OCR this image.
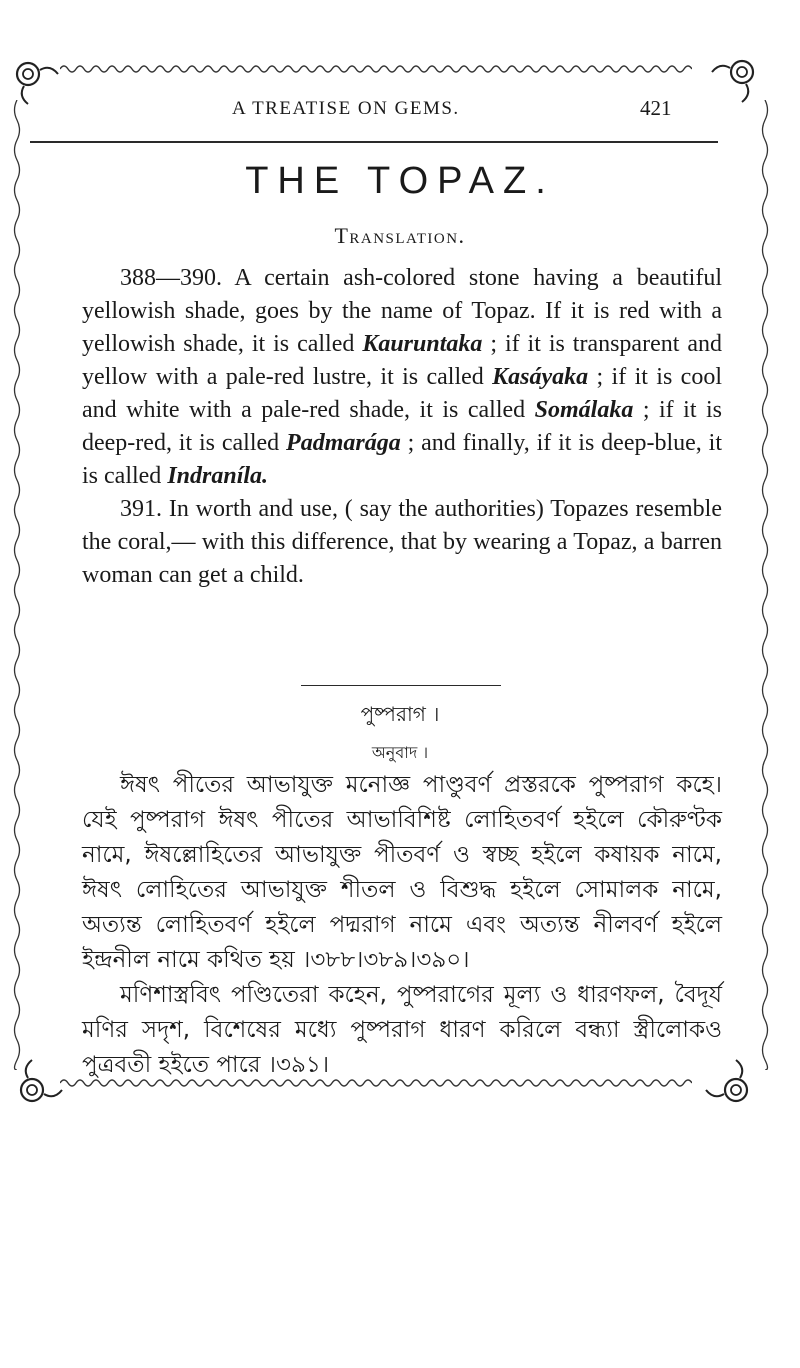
A TREATISE ON GEMS.	421
THE TOPAZ.
Translation.

388—390. A certain ash-colored stone having a beautiful yellowish shade, goes by the name of Topaz. If it is red with a yellowish shade, it is called Kauruntaka ; if it is transparent and yellow with a pale-red lustre, it is called Kasáyaka ; if it is cool and white with a pale-red shade, it is called Somálaka ; if it is deep-red, it is called Padmarága ; and finally, if it is deep-blue, it is called Indraníla.

391. In worth and use, ( say the authorities) Topazes resemble the coral,— with this difference, that by wearing a Topaz, a barren woman can get a child.

পুষ্পরাগ ।
অনুবাদ ।

ঈষৎ পীতের আভাযুক্ত মনোজ্ঞ পাণ্ডুবর্ণ প্রস্তরকে পুষ্পরাগ কহে। যেই পুষ্পরাগ ঈষৎ পীতের আভাবিশিষ্ট লোহিতবর্ণ হইলে কৌরুণ্টক নামে, ঈষল্লোহিতের আভাযুক্ত পীতবর্ণ ও স্বচ্ছ হইলে কষায়ক নামে, ঈষৎ লোহিতের আভাযুক্ত শীতল ও বিশুদ্ধ হইলে সোমালক নামে, অত্যন্ত লোহিতবর্ণ হইলে পদ্মরাগ নামে এবং অত্যন্ত নীলবর্ণ হইলে ইন্দ্রনীল নামে কথিত হয় ।৩৮৮।৩৮৯।৩৯০।

মণিশাস্ত্রবিৎ পণ্ডিতেরা কহেন, পুষ্পরাগের মূল্য ও ধারণফল, বৈদূর্য মণির সদৃশ, বিশেষের মধ্যে পুষ্পরাগ ধারণ করিলে বন্ধ্যা স্ত্রীলোকও পুত্রবতী হইতে পারে ।৩৯১।
